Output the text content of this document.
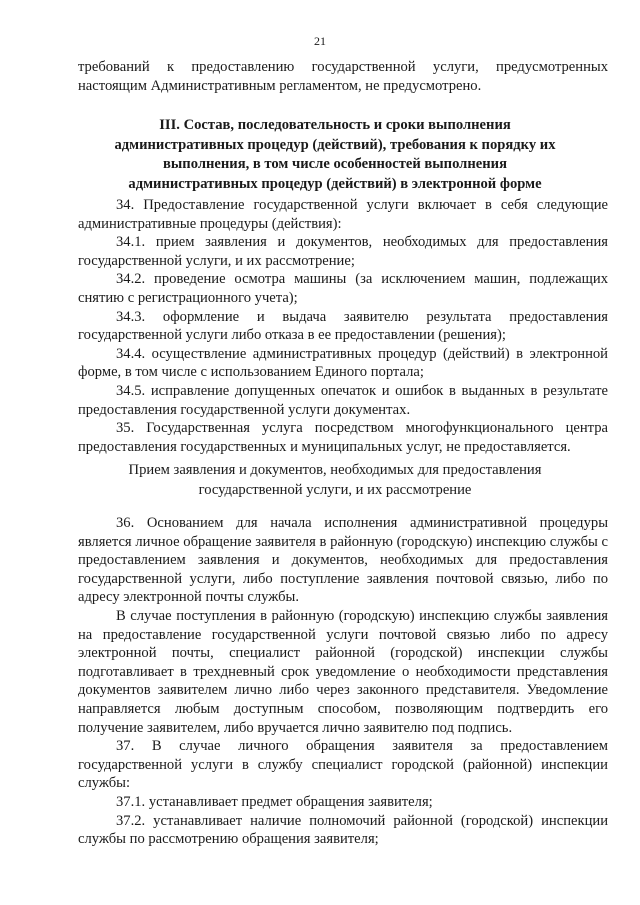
21

требований к предоставлению государственной услуги, предусмотренных настоящим Административным регламентом, не предусмотрено.

III. Состав, последовательность и сроки выполнения административных процедур (действий), требования к порядку их выполнения, в том числе особенностей выполнения административных процедур (действий) в электронной форме

34. Предоставление государственной услуги включает в себя следующие административные процедуры (действия):

34.1. прием заявления и документов, необходимых для предоставления государственной услуги, и их рассмотрение;

34.2. проведение осмотра машины (за исключением машин, подлежащих снятию с регистрационного учета);

34.3. оформление и выдача заявителю результата предоставления государственной услуги либо отказа в ее предоставлении (решения);

34.4. осуществление административных процедур (действий) в электронной форме, в том числе с использованием Единого портала;

34.5. исправление допущенных опечаток и ошибок в выданных в результате предоставления государственной услуги документах.

35. Государственная услуга посредством многофункционального центра предоставления государственных и муниципальных услуг, не предоставляется.

Прием заявления и документов, необходимых для предоставления государственной услуги, и их рассмотрение

36. Основанием для начала исполнения административной процедуры является личное обращение заявителя в районную (городскую) инспекцию службы с предоставлением заявления и документов, необходимых для предоставления государственной услуги, либо поступление заявления почтовой связью, либо по адресу электронной почты службы.

В случае поступления в районную (городскую) инспекцию службы заявления на предоставление государственной услуги почтовой связью либо по адресу электронной почты, специалист районной (городской) инспекции службы подготавливает в трехдневный срок уведомление о необходимости представления документов заявителем лично либо через законного представителя. Уведомление направляется любым доступным способом, позволяющим подтвердить его получение заявителем, либо вручается лично заявителю под подпись.

37. В случае личного обращения заявителя за предоставлением государственной услуги в службу специалист городской (районной) инспекции службы:

37.1. устанавливает предмет обращения заявителя;

37.2. устанавливает наличие полномочий районной (городской) инспекции службы по рассмотрению обращения заявителя;
